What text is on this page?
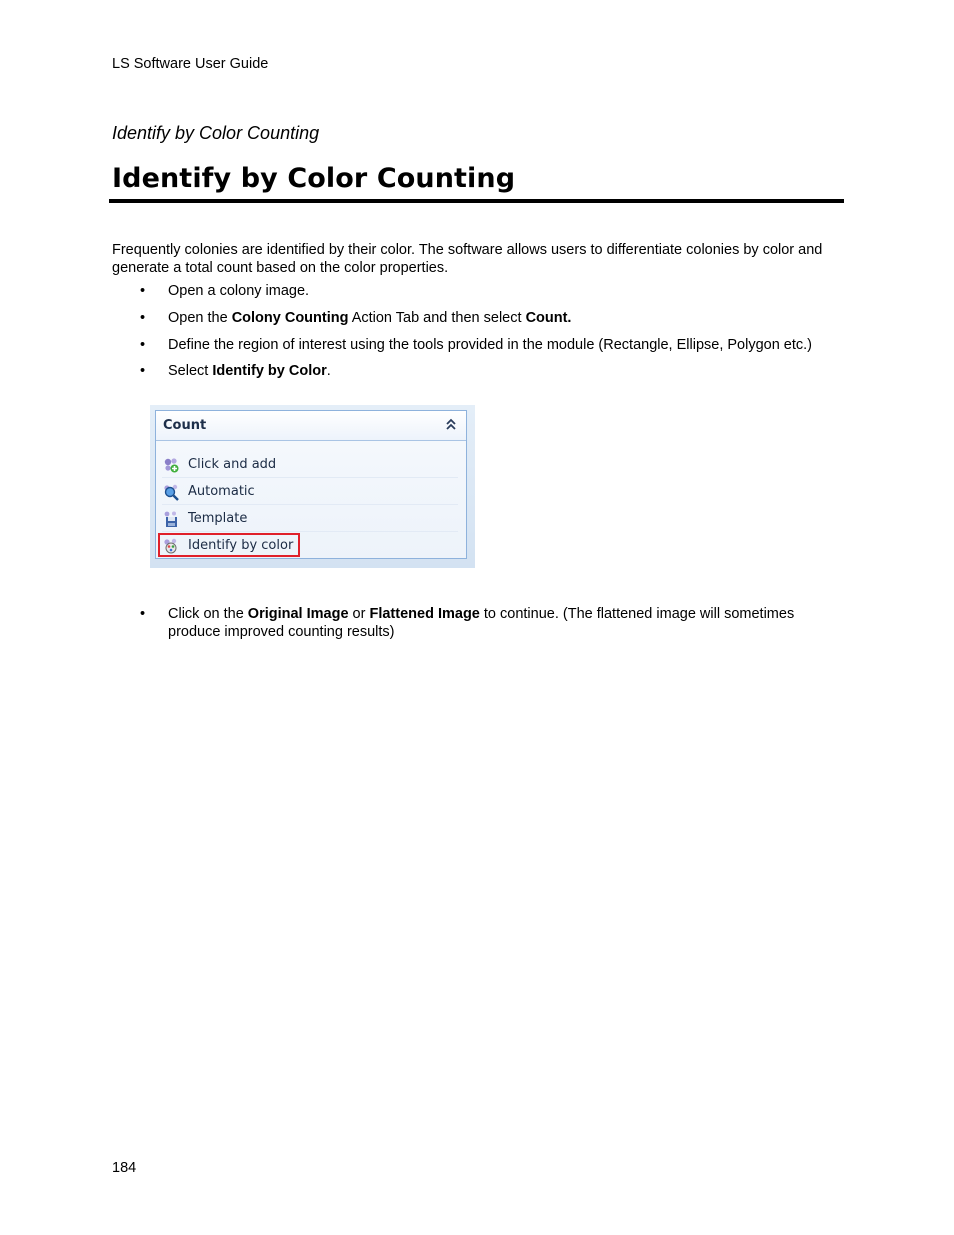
LS Software User Guide
Identify by Color Counting
Identify by Color Counting
Frequently colonies are identified by their color. The software allows users to differentiate colonies by color and generate a total count based on the color properties.
• Open a colony image.
• Open the Colony Counting Action Tab and then select Count.
• Define the region of interest using the tools provided in the module (Rectangle, Ellipse, Polygon etc.)
• Select Identify by Color.
Count
Click and add
Automatic
Template
Identify by color
• Click on the Original Image or Flattened Image to continue. (The flattened image will sometimes produce improved counting results)
184
